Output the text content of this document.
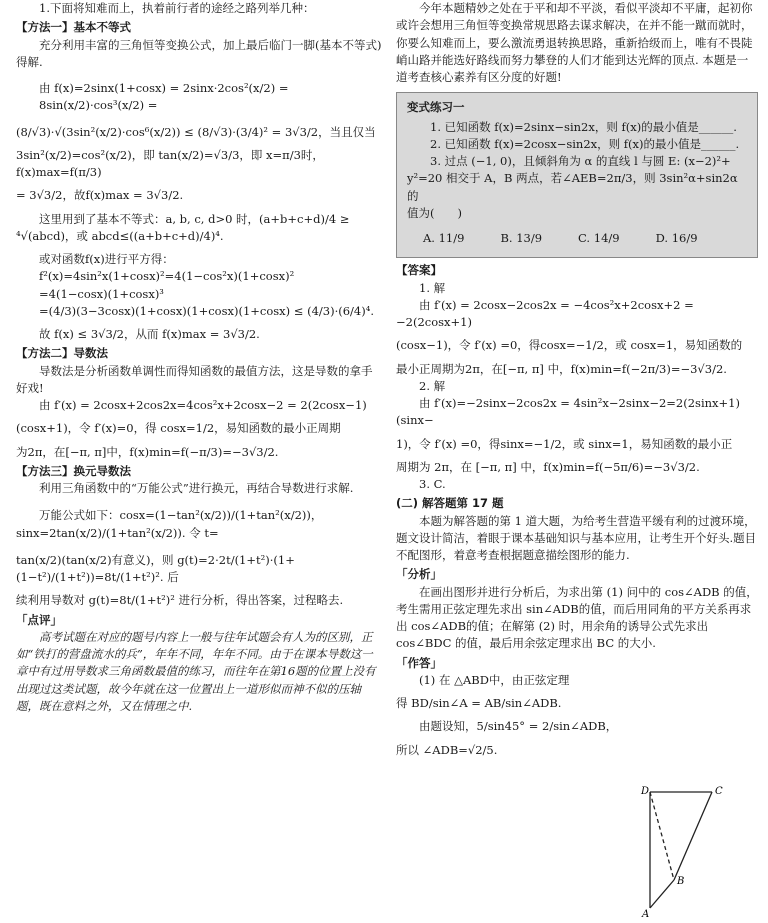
1.下面将知难而上，执着前行者的途经之路列举几种：

【方法一】基本不等式

充分利用丰富的三角恒等变换公式，加上最后临门一脚(基本不等式)得解.

由 f(x)=2sinx(1+cosx) = 2sinx·2cos²(x/2) = 8sin(x/2)·cos³(x/2) =

(8/√3)·√(3sin²(x/2)·cos⁶(x/2)) ≤ (8/√3)·(3/4)² = 3√3/2，当且仅当

3sin²(x/2)=cos²(x/2)，即 tan(x/2)=√3/3，即 x=π/3时，f(x)max=f(π/3)

= 3√3/2，故f(x)max = 3√3/2.

这里用到了基本不等式：a, b, c, d>0 时，(a+b+c+d)/4 ≥

⁴√(abcd)，或 abcd≤((a+b+c+d)/4)⁴.

或对函数f(x)进行平方得：

f²(x)=4sin²x(1+cosx)²=4(1−cos²x)(1+cosx)²

=4(1−cosx)(1+cosx)³

=(4/3)(3−3cosx)(1+cosx)(1+cosx)(1+cosx) ≤ (4/3)·(6/4)⁴.

故 f(x) ≤ 3√3/2，从而 f(x)max = 3√3/2.

【方法二】导数法

导数法是分析函数单调性而得知函数的最值方法，这是导数的拿手好戏!

由 f′(x) = 2cosx+2cos2x=4cos²x+2cosx−2 = 2(2cosx−1)

(cosx+1)，令 f′(x)=0，得 cosx=1/2，易知函数的最小正周期

为2π，在[−π, π]中，f(x)min=f(−π/3)=−3√3/2.

【方法三】换元导数法

利用三角函数中的“万能公式”进行换元，再结合导数进行求解.

万能公式如下：cosx=(1−tan²(x/2))/(1+tan²(x/2))，sinx=2tan(x/2)/(1+tan²(x/2)). 令 t=

tan(x/2)(tan(x/2)有意义)，则 g(t)=2·2t/(1+t²)·(1+(1−t²)/(1+t²))=8t/(1+t²)². 后

续利用导数对 g(t)=8t/(1+t²)² 进行分析，得出答案，过程略去.

「点评」

高考试题在对应的题号内容上一般与往年试题会有人为的区别，正如“铁打的营盘流水的兵”，年年不同，年年不同。由于在课本导数这一章中有过用导数求三角函数最值的练习，而往年在第16题的位置上没有出现过这类试题，故今年就在这一位置出上一道形似而神不似的压轴题，既在意料之外，又在情理之中.

今年本题精妙之处在于平和却不平淡，看似平淡却不平庸，起初你或许会想用三角恒等变换常规思路去谋求解决，在并不能一蹴而就时，你要么知难而上，要么激流勇退转换思路，重新拾级而上，唯有不畏陡峭山路并能选好路线而努力攀登的人们才能到达光辉的顶点. 本题是一道考查核心素养有区分度的好题!

变式练习一

1. 已知函数 f(x)=2sinx−sin2x，则 f(x)的最小值是______.

2. 已知函数 f(x)=2cosx−sin2x，则 f(x)的最小值是______.

3. 过点 (−1, 0)，且倾斜角为 α 的直线 l 与圆 E: (x−2)²+

y²=20 相交于 A，B 两点，若∠AEB=2π/3，则 3sin²α+sin2α 的

值为(　　)

A. 11/9	B. 13/9	C. 14/9	D. 16/9

【答案】

1. 解

由 f′(x) = 2cosx−2cos2x = −4cos²x+2cosx+2 = −2(2cosx+1)

(cosx−1)，令 f′(x) =0，得cosx=−1/2，或 cosx=1，易知函数的

最小正周期为2π，在[−π, π] 中，f(x)min=f(−2π/3)=−3√3/2.

2. 解

由 f′(x)=−2sinx−2cos2x = 4sin²x−2sinx−2=2(2sinx+1)(sinx−

1)，令 f′(x) =0，得sinx=−1/2，或 sinx=1，易知函数的最小正

周期为 2π，在 [−π, π] 中，f(x)min=f(−5π/6)=−3√3/2.

3. C.

(二) 解答题第 17 题

本题为解答题的第 1 道大题，为给考生营造平缓有利的过渡环境，题文设计简洁，着眼于课本基础知识与基本应用，让考生开个好头.题目不配图形，着意考查根据题意描绘图形的能力.

「分析」

在画出图形并进行分析后，为求出第 (1) 问中的 cos∠ADB 的值，考生需用正弦定理先求出 sin∠ADB的值，而后用同角的平方关系再求出 cos∠ADB的值；在解第 (2) 时，用余角的诱导公式先求出 cos∠BDC 的值，最后用余弦定理求出 BC 的大小.

「作答」

(1) 在 △ABD中，由正弦定理

得 BD/sin∠A = AB/sin∠ADB.

由题设知，5/sin45° = 2/sin∠ADB，

所以 ∠ADB=√2/5.

D	C
B
A
